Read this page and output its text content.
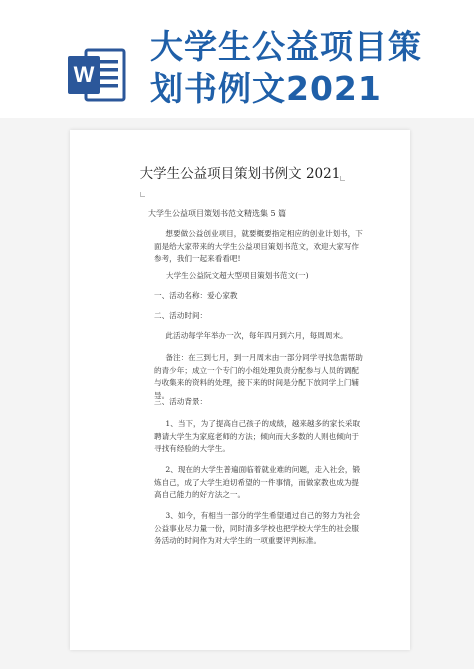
W
大学生公益项目策
划书例文2021
大学生公益项目策划书例文 2021
大学生公益项目策划书范文精选集 5 篇

想要做公益创业项目，就要概要指定相应的创业计划书，下面是给大家带来的大学生公益项目策划书范文，欢迎大家写作参考，我们一起来看看吧!

大学生公益阮文超大型项目策划书范文(一)

一、活动名称：爱心家教

二、活动时间：

此活动每学年举办一次，每年四月到六月，每周周末。

备注：在三到七月，到一月周末由一部分同学寻找急需帮助的青少年；成立一个专门的小组处理负责分配参与人员的调配与收集来的资料的处理，接下来的时间是分配下放同学上门辅导。

三、活动背景：

1、当下，为了提高自己孩子的成绩，越来越多的家长采取聘请大学生为家庭老师的方法；倾向而大多数的人则也倾向于寻找有经验的大学生。

2、现在的大学生普遍面临着就业难的问题，走入社会，锻炼自己，成了大学生迫切希望的一件事情，而做家教也成为提高自己能力的好方法之一。

3、如今，有相当一部分的学生希望通过自己的努力为社会公益事业尽力量一份，同时清多学校也把学校大学生的社会服务活动的时间作为对大学生的一项重要评判标准。
